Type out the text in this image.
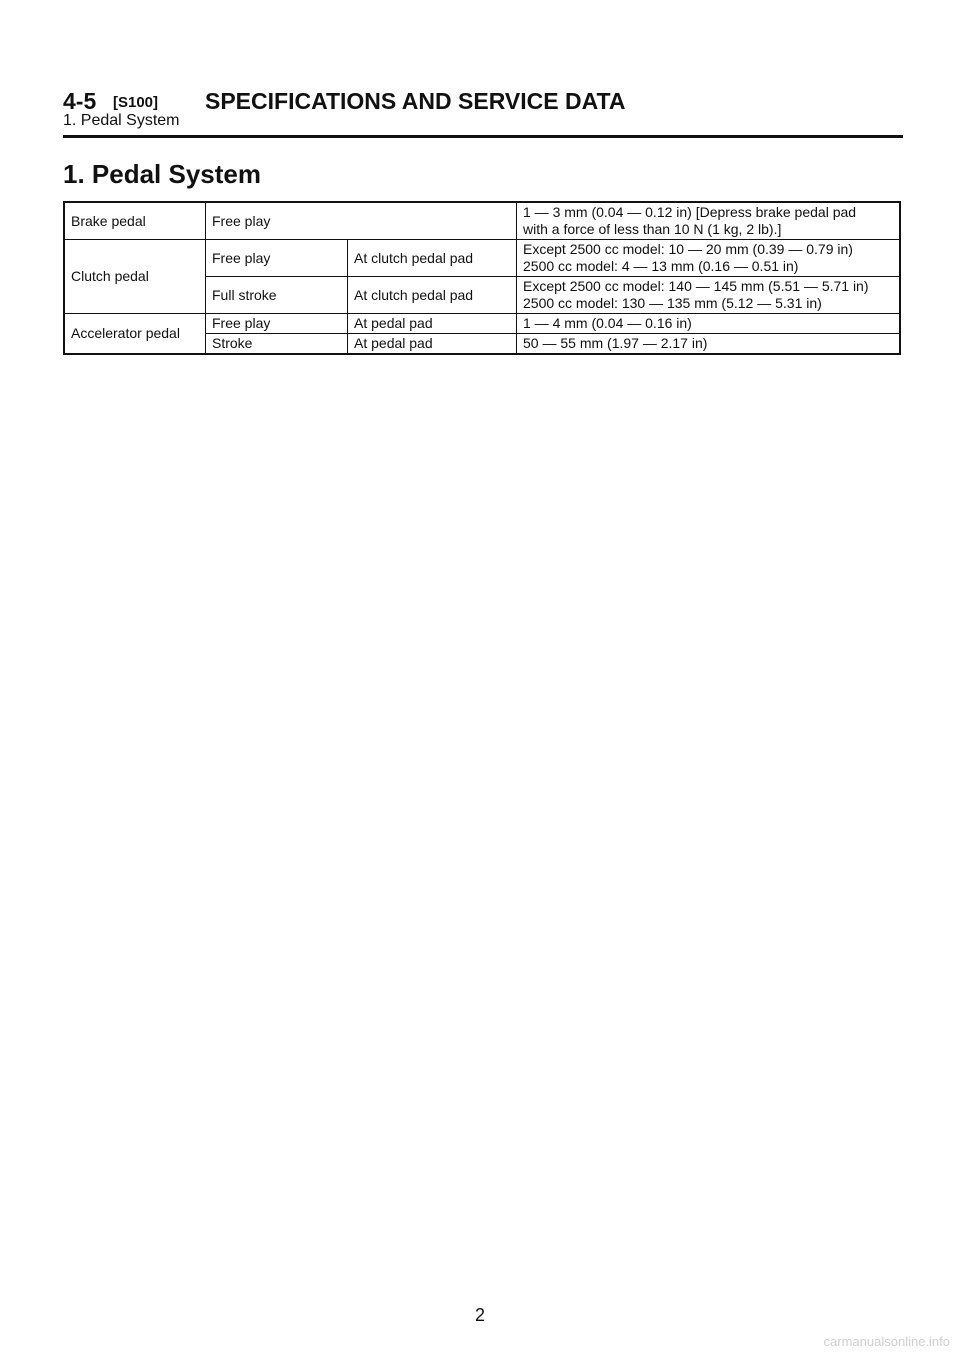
4-5 [S100] SPECIFICATIONS AND SERVICE DATA
1. Pedal System
1. Pedal System
Brake pedal	Free play		1 — 3 mm (0.04 — 0.12 in) [Depress brake pedal pad
with a force of less than 10 N (1 kg, 2 lb).]
Clutch pedal	Free play	At clutch pedal pad	Except 2500 cc model: 10 — 20 mm (0.39 — 0.79 in)
2500 cc model: 4 — 13 mm (0.16 — 0.51 in)
	Full stroke	At clutch pedal pad	Except 2500 cc model: 140 — 145 mm (5.51 — 5.71 in)
2500 cc model: 130 — 135 mm (5.12 — 5.31 in)
Accelerator pedal	Free play	At pedal pad	1 — 4 mm (0.04 — 0.16 in)
	Stroke	At pedal pad	50 — 55 mm (1.97 — 2.17 in)
2
carmanualsonline.info
